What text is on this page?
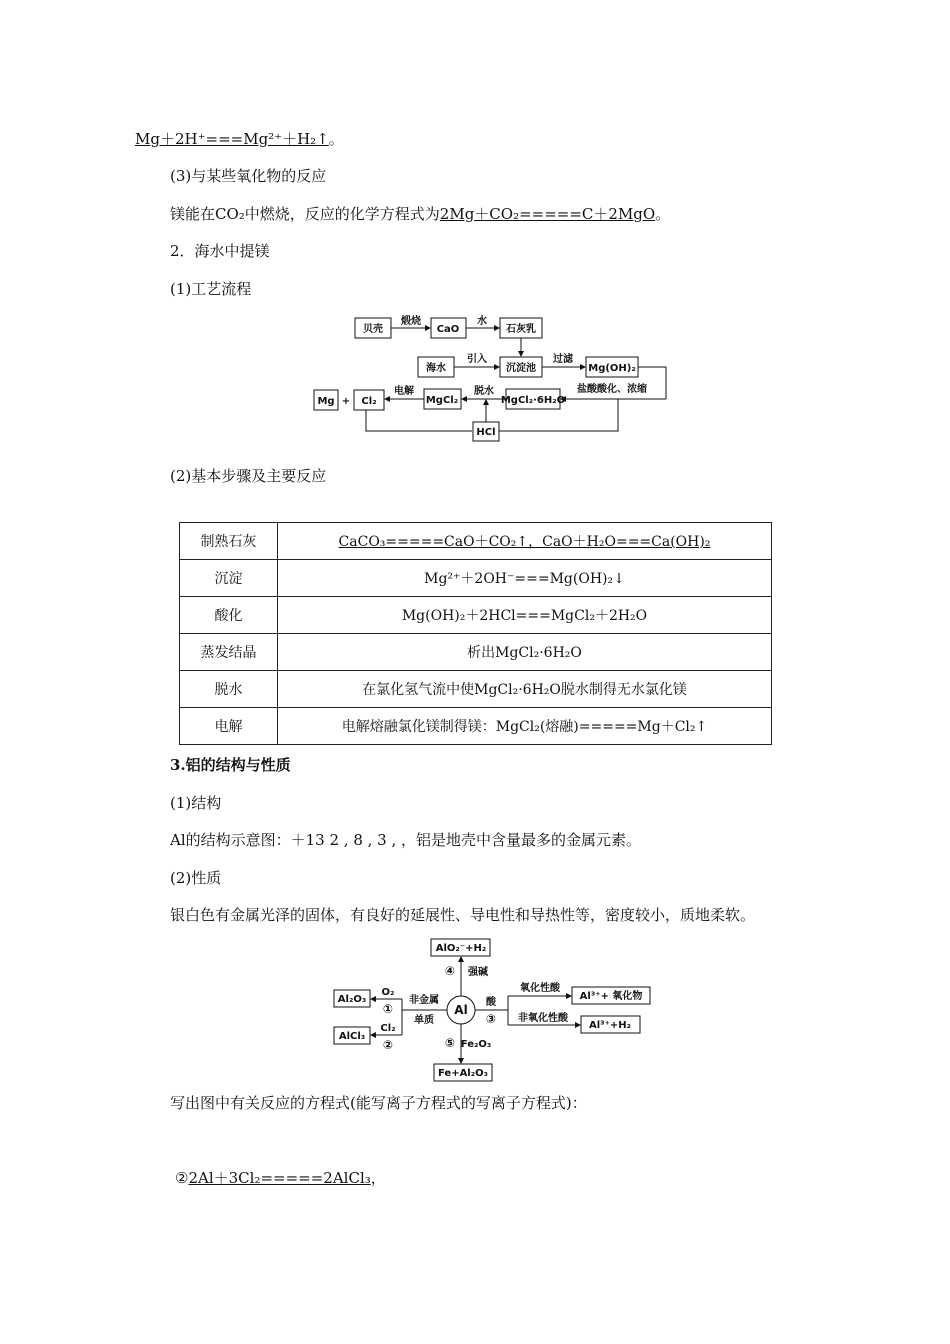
Mg＋2H⁺===Mg²⁺＋H₂↑。
(3)与某些氧化物的反应
镁能在CO₂中燃烧，反应的化学方程式为2Mg＋CO₂=====C＋2MgO。
2．海水中提镁
(1)工艺流程
贝壳
煅烧
CaO
水
石灰乳
海水
引入
沉淀池
过滤
Mg(OH)₂
盐酸酸化、浓缩
MgCl₂·6H₂O
脱水
MgCl₂
电解
Cl₂
+
Mg
HCl
(2)基本步骤及主要反应
制熟石灰	CaCO₃=====CaO＋CO₂↑，CaO＋H₂O===Ca(OH)₂
沉淀	Mg²⁺＋2OH⁻===Mg(OH)₂↓
酸化	Mg(OH)₂＋2HCl===MgCl₂＋2H₂O
蒸发结晶	析出MgCl₂·6H₂O
脱水	在氯化氢气流中使MgCl₂·6H₂O脱水制得无水氯化镁
电解	电解熔融氯化镁制得镁：MgCl₂(熔融)=====Mg＋Cl₂↑
3.铝的结构与性质
(1)结构
Al的结构示意图：＋13 2 , 8 , 3 , ，铝是地壳中含量最多的金属元素。
(2)性质
银白色有金属光泽的固体，有良好的延展性、导电性和导热性等，密度较小，质地柔软。
Al
AlO₂⁻+H₂
④ 强碱
Al₂O₃
O₂
①
非金属
单质
Cl₂
②
AlCl₃
酸
③
氧化性酸
非氧化性酸
Al³⁺+ 氧化物
Al³⁺+H₂
⑤ Fe₂O₃
Fe+Al₂O₃
写出图中有关反应的方程式(能写离子方程式的写离子方程式)：
②2Al＋3Cl₂=====2AlCl₃，
